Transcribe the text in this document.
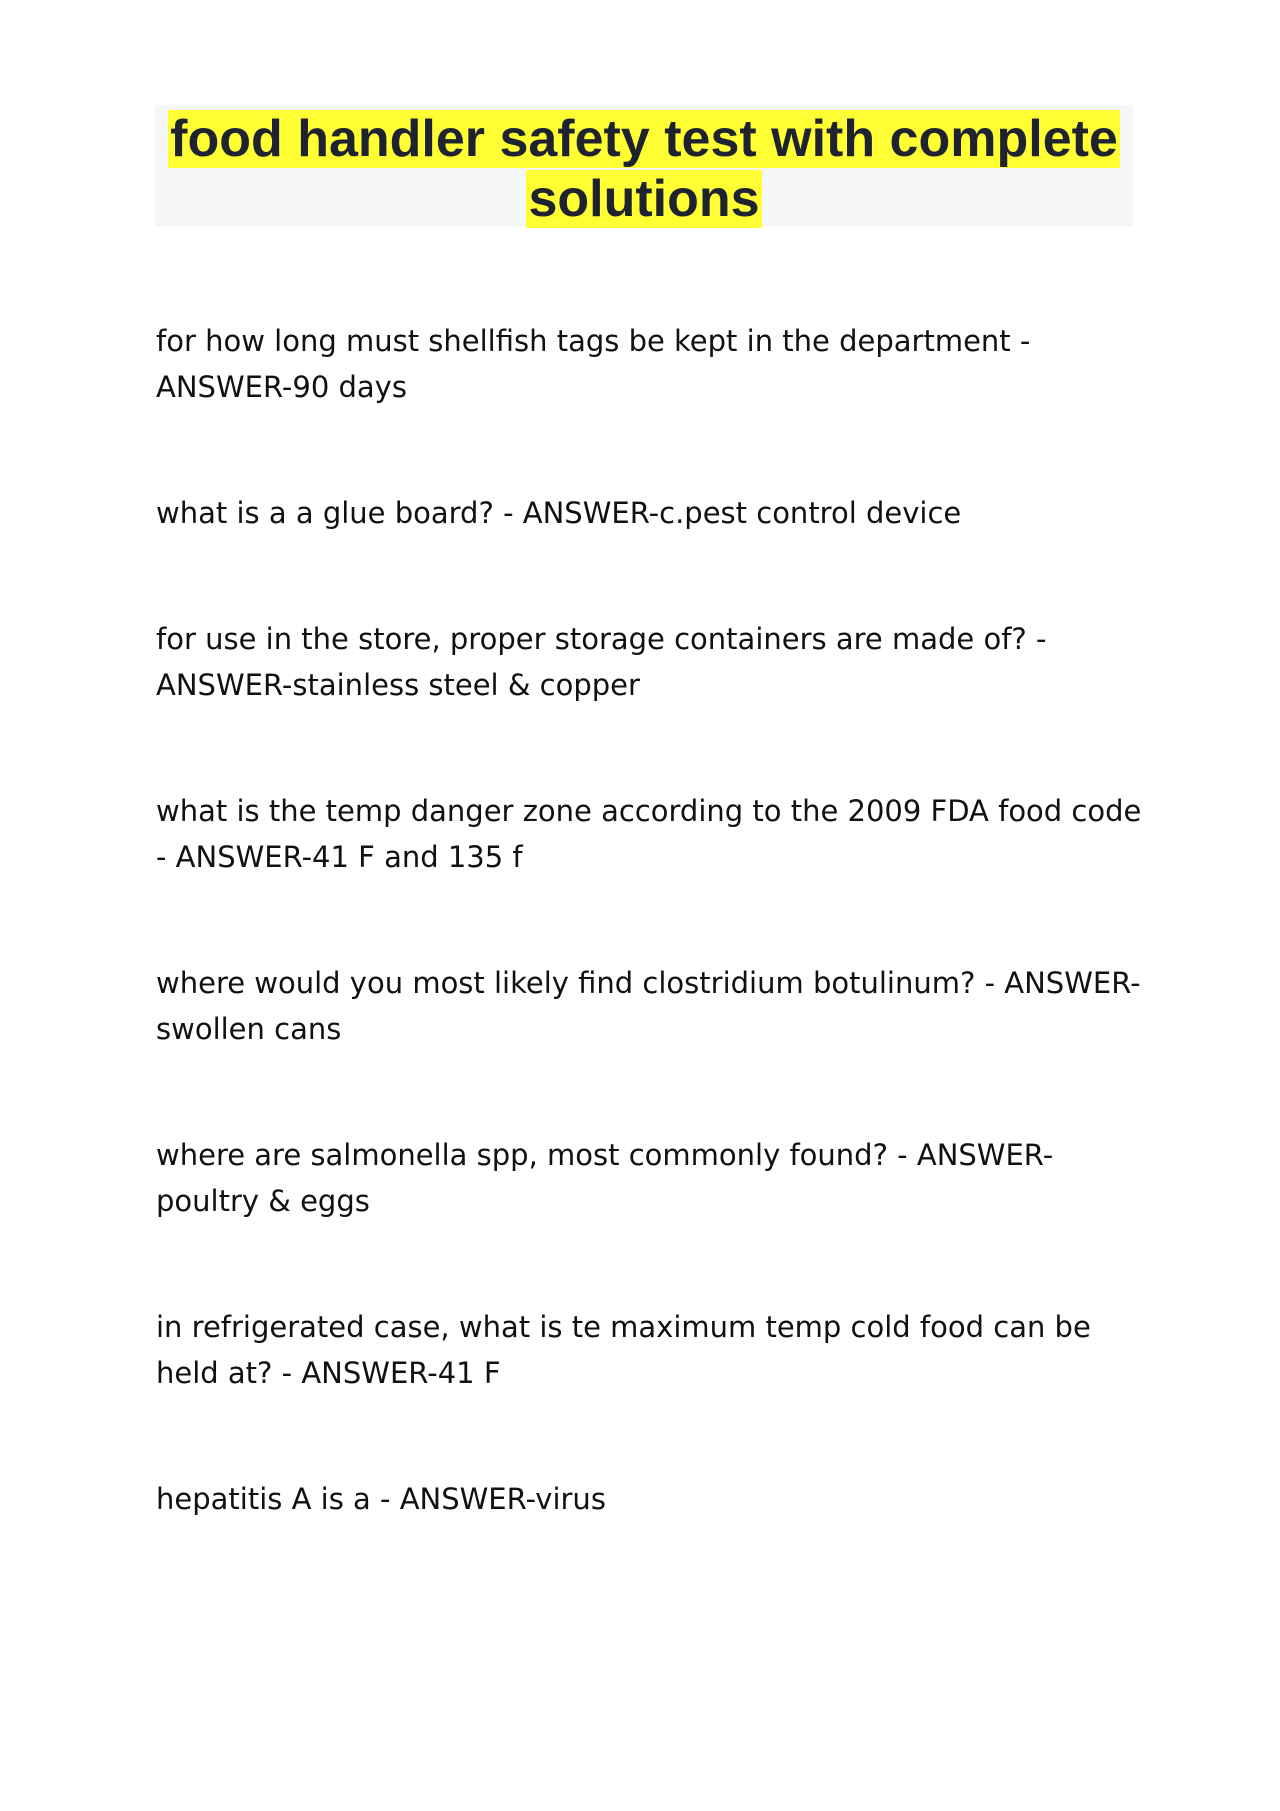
food handler safety test with complete solutions

for how long must shellfish tags be kept in the department - ANSWER-90 days

what is a a glue board? - ANSWER-c.pest control device

for use in the store, proper storage containers are made of? - ANSWER-stainless steel & copper

what is the temp danger zone according to the 2009 FDA food code - ANSWER-41 F and 135 f

where would you most likely find clostridium botulinum? - ANSWER-swollen cans

where are salmonella spp, most commonly found? - ANSWER-poultry & eggs

in refrigerated case, what is te maximum temp cold food can be held at? - ANSWER-41 F

hepatitis A is a - ANSWER-virus
